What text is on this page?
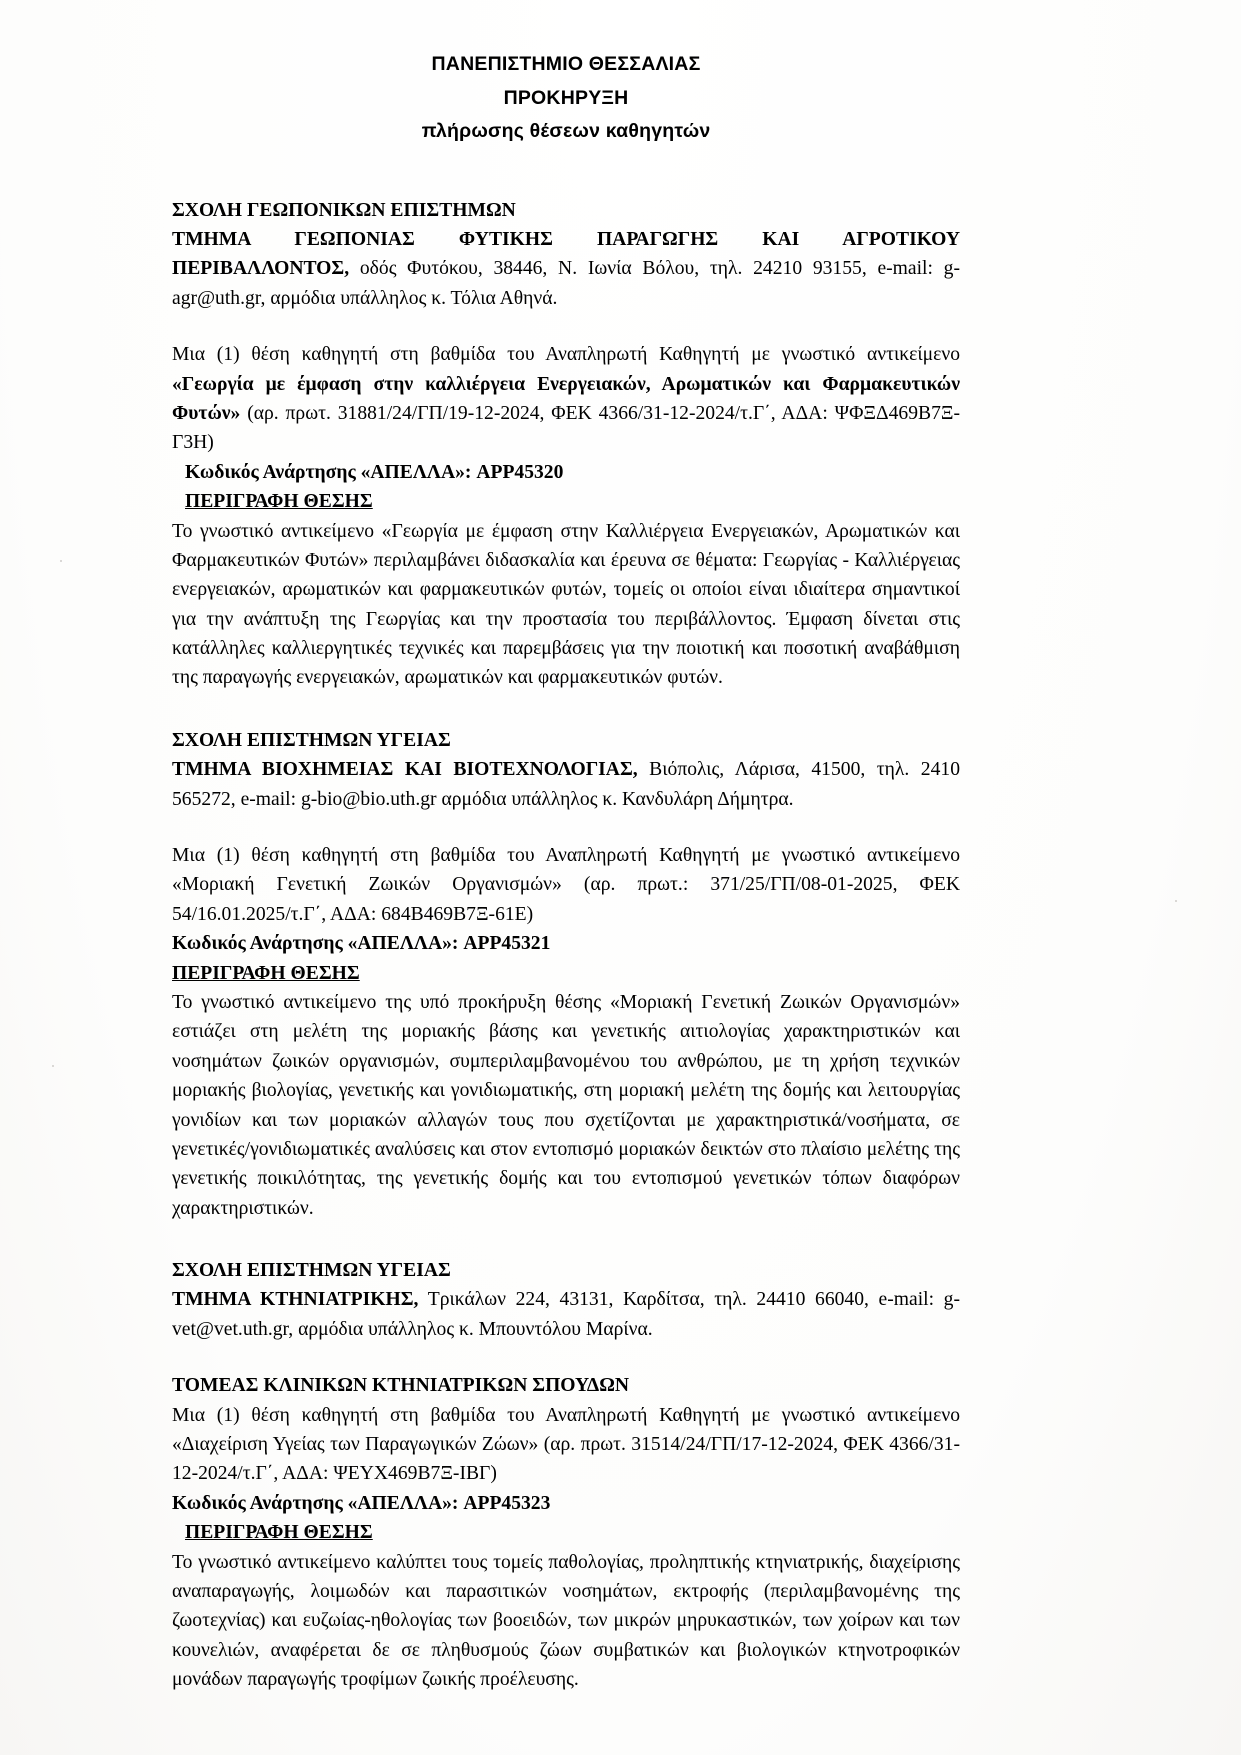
ΠΑΝΕΠΙΣΤΗΜΙΟ ΘΕΣΣΑΛΙΑΣ
ΠΡΟΚΗΡΥΞΗ
πλήρωσης θέσεων καθηγητών

ΣΧΟΛΗ ΓΕΩΠΟΝΙΚΩΝ ΕΠΙΣΤΗΜΩΝ

ΤΜΗΜΑ ΓΕΩΠΟΝΙΑΣ ΦΥΤΙΚΗΣ ΠΑΡΑΓΩΓΗΣ ΚΑΙ ΑΓΡΟΤΙΚΟΥ

ΠΕΡΙΒΑΛΛΟΝΤΟΣ, οδός Φυτόκου, 38446, Ν. Ιωνία Βόλου, τηλ. 24210 93155, e-mail: g-agr@uth.gr, αρμόδια υπάλληλος κ. Τόλια Αθηνά.

Μια (1) θέση καθηγητή στη βαθμίδα του Αναπληρωτή Καθηγητή με γνωστικό αντικείμενο «Γεωργία με έμφαση στην καλλιέργεια Ενεργειακών, Αρωματικών και Φαρμακευτικών Φυτών» (αρ. πρωτ. 31881/24/ΓΠ/19-12-2024, ΦΕΚ 4366/31-12-2024/τ.Γ΄, ΑΔΑ: ΨΦΞΔ469Β7Ξ-Γ3Η)

Κωδικός Ανάρτησης «ΑΠΕΛΛΑ»: APP45320

ΠΕΡΙΓΡΑΦΗ ΘΕΣΗΣ

Το γνωστικό αντικείμενο «Γεωργία με έμφαση στην Καλλιέργεια Ενεργειακών, Αρωματικών και Φαρμακευτικών Φυτών» περιλαμβάνει διδασκαλία και έρευνα σε θέματα: Γεωργίας - Καλλιέργειας ενεργειακών, αρωματικών και φαρμακευτικών φυτών, τομείς οι οποίοι είναι ιδιαίτερα σημαντικοί για την ανάπτυξη της Γεωργίας και την προστασία του περιβάλλοντος. Έμφαση δίνεται στις κατάλληλες καλλιεργητικές τεχνικές και παρεμβάσεις για την ποιοτική και ποσοτική αναβάθμιση της παραγωγής ενεργειακών, αρωματικών και φαρμακευτικών φυτών.

ΣΧΟΛΗ ΕΠΙΣΤΗΜΩΝ ΥΓΕΙΑΣ

ΤΜΗΜΑ ΒΙΟΧΗΜΕΙΑΣ ΚΑΙ ΒΙΟΤΕΧΝΟΛΟΓΙΑΣ, Βιόπολις, Λάρισα, 41500, τηλ. 2410 565272, e-mail: g-bio@bio.uth.gr αρμόδια υπάλληλος κ. Κανδυλάρη Δήμητρα.

Μια (1) θέση καθηγητή στη βαθμίδα του Αναπληρωτή Καθηγητή με γνωστικό αντικείμενο «Μοριακή Γενετική Ζωικών Οργανισμών» (αρ. πρωτ.: 371/25/ΓΠ/08-01-2025, ΦΕΚ 54/16.01.2025/τ.Γ΄, ΑΔΑ: 684Β469Β7Ξ-61Ε)

Κωδικός Ανάρτησης «ΑΠΕΛΛΑ»: APP45321

ΠΕΡΙΓΡΑΦΗ ΘΕΣΗΣ

Το γνωστικό αντικείμενο της υπό προκήρυξη θέσης «Μοριακή Γενετική Ζωικών Οργανισμών» εστιάζει στη μελέτη της μοριακής βάσης και γενετικής αιτιολογίας χαρακτηριστικών και νοσημάτων ζωικών οργανισμών, συμπεριλαμβανομένου του ανθρώπου, με τη χρήση τεχνικών μοριακής βιολογίας, γενετικής και γονιδιωματικής, στη μοριακή μελέτη της δομής και λειτουργίας γονιδίων και των μοριακών αλλαγών τους που σχετίζονται με χαρακτηριστικά/νοσήματα, σε γενετικές/γονιδιωματικές αναλύσεις και στον εντοπισμό μοριακών δεικτών στο πλαίσιο μελέτης της γενετικής ποικιλότητας, της γενετικής δομής και του εντοπισμού γενετικών τόπων διαφόρων χαρακτηριστικών.

ΣΧΟΛΗ ΕΠΙΣΤΗΜΩΝ ΥΓΕΙΑΣ

ΤΜΗΜΑ ΚΤΗΝΙΑΤΡΙΚΗΣ, Τρικάλων 224, 43131, Καρδίτσα, τηλ. 24410 66040, e-mail: g-vet@vet.uth.gr, αρμόδια υπάλληλος κ. Μπουντόλου Μαρίνα.

ΤΟΜΕΑΣ ΚΛΙΝΙΚΩΝ ΚΤΗΝΙΑΤΡΙΚΩΝ ΣΠΟΥΔΩΝ

Μια (1) θέση καθηγητή στη βαθμίδα του Αναπληρωτή Καθηγητή με γνωστικό αντικείμενο «Διαχείριση Υγείας των Παραγωγικών Ζώων» (αρ. πρωτ. 31514/24/ΓΠ/17-12-2024, ΦΕΚ 4366/31-12-2024/τ.Γ΄, ΑΔΑ: ΨΕΥΧ469Β7Ξ-ΙΒΓ)

Κωδικός Ανάρτησης «ΑΠΕΛΛΑ»: APP45323

ΠΕΡΙΓΡΑΦΗ ΘΕΣΗΣ

Το γνωστικό αντικείμενο καλύπτει τους τομείς παθολογίας, προληπτικής κτηνιατρικής, διαχείρισης αναπαραγωγής, λοιμωδών και παρασιτικών νοσημάτων, εκτροφής (περιλαμβανομένης της ζωοτεχνίας) και ευζωίας-ηθολογίας των βοοειδών, των μικρών μηρυκαστικών, των χοίρων και των κουνελιών, αναφέρεται δε σε πληθυσμούς ζώων συμβατικών και βιολογικών κτηνοτροφικών μονάδων παραγωγής τροφίμων ζωικής προέλευσης.
